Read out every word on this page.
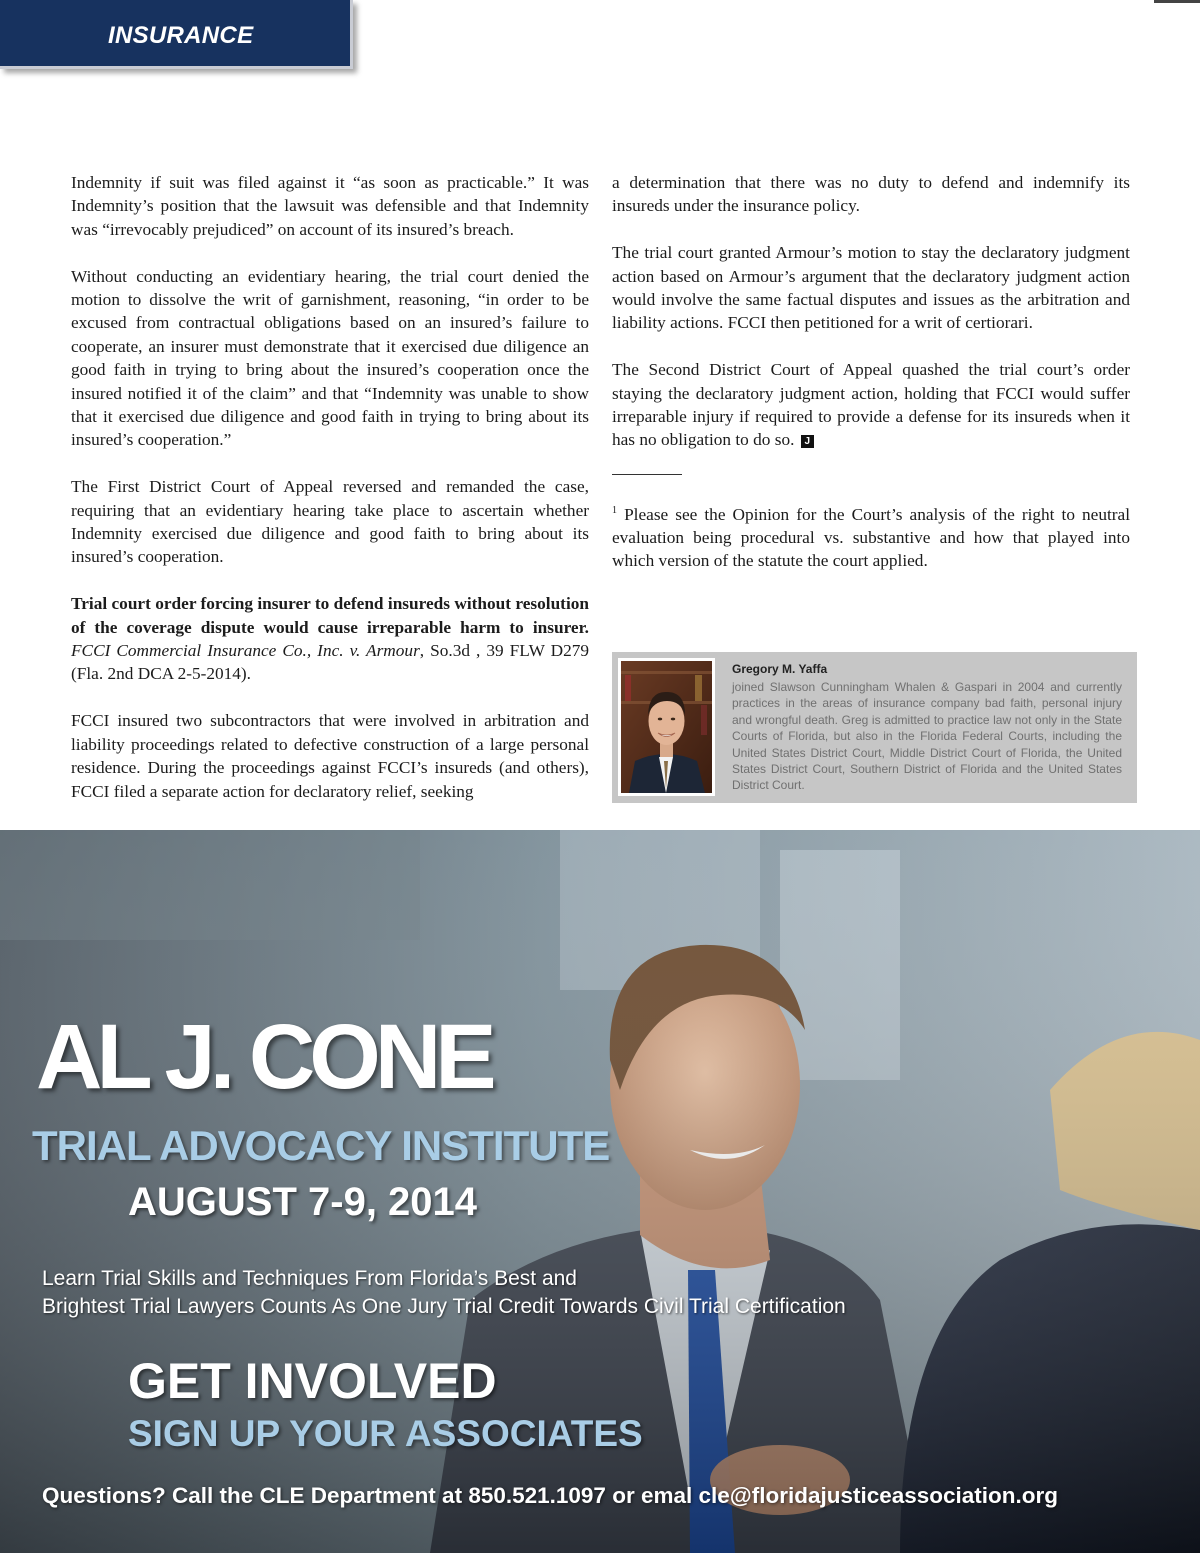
INSURANCE

Indemnity if suit was filed against it “as soon as practicable.” It was Indemnity’s position that the lawsuit was defensible and that Indemnity was “irrevocably prejudiced” on account of its insured’s breach.

Without conducting an evidentiary hearing, the trial court denied the motion to dissolve the writ of garnishment, reasoning, “in order to be excused from contractual obligations based on an insured’s failure to cooperate, an insurer must demonstrate that it exercised due diligence an good faith in trying to bring about the insured’s cooperation once the insured notified it of the claim” and that “Indemnity was unable to show that it exercised due diligence and good faith in trying to bring about its insured’s cooperation.”

The First District Court of Appeal reversed and remanded the case, requiring that an evidentiary hearing take place to ascertain whether Indemnity exercised due diligence and good faith to bring about its insured’s cooperation.

Trial court order forcing insurer to defend insureds without resolution of the coverage dispute would cause irreparable harm to insurer. FCCI Commercial Insurance Co., Inc. v. Armour, So.3d , 39 FLW D279 (Fla. 2nd DCA 2-5-2014).

FCCI insured two subcontractors that were involved in arbitration and liability proceedings related to defective construction of a large personal residence. During the proceedings against FCCI’s insureds (and others), FCCI filed a separate action for declaratory relief, seeking

a determination that there was no duty to defend and indemnify its insureds under the insurance policy.

The trial court granted Armour’s motion to stay the declaratory judgment action based on Armour’s argument that the declaratory judgment action would involve the same factual disputes and issues as the arbitration and liability actions. FCCI then petitioned for a writ of certiorari.

The Second District Court of Appeal quashed the trial court’s order staying the declaratory judgment action, holding that FCCI would suffer irreparable injury if required to provide a defense for its insureds when it has no obligation to do so. J

$^1$ Please see the Opinion for the Court’s analysis of the right to neutral evaluation being procedural vs. substantive and how that played into which version of the statute the court applied.

Gregory M. Yaffa
joined Slawson Cunningham Whalen & Gaspari in 2004 and currently practices in the areas of insurance company bad faith, personal injury and wrongful death. Greg is admitted to practice law not only in the State Courts of Florida, but also in the Florida Federal Courts, including the United States District Court, Middle District Court of Florida, the United States District Court, Southern District of Florida and the United States District Court.
AL J. CONE
TRIAL ADVOCACY INSTITUTE
AUGUST 7-9, 2014
Learn Trial Skills and Techniques From Florida’s Best and
Brightest Trial Lawyers Counts As One Jury Trial Credit Towards Civil Trial Certification
GET INVOLVED
SIGN UP YOUR ASSOCIATES
Questions? Call the CLE Department at 850.521.1097 or emal cle@floridajusticeassociation.org
